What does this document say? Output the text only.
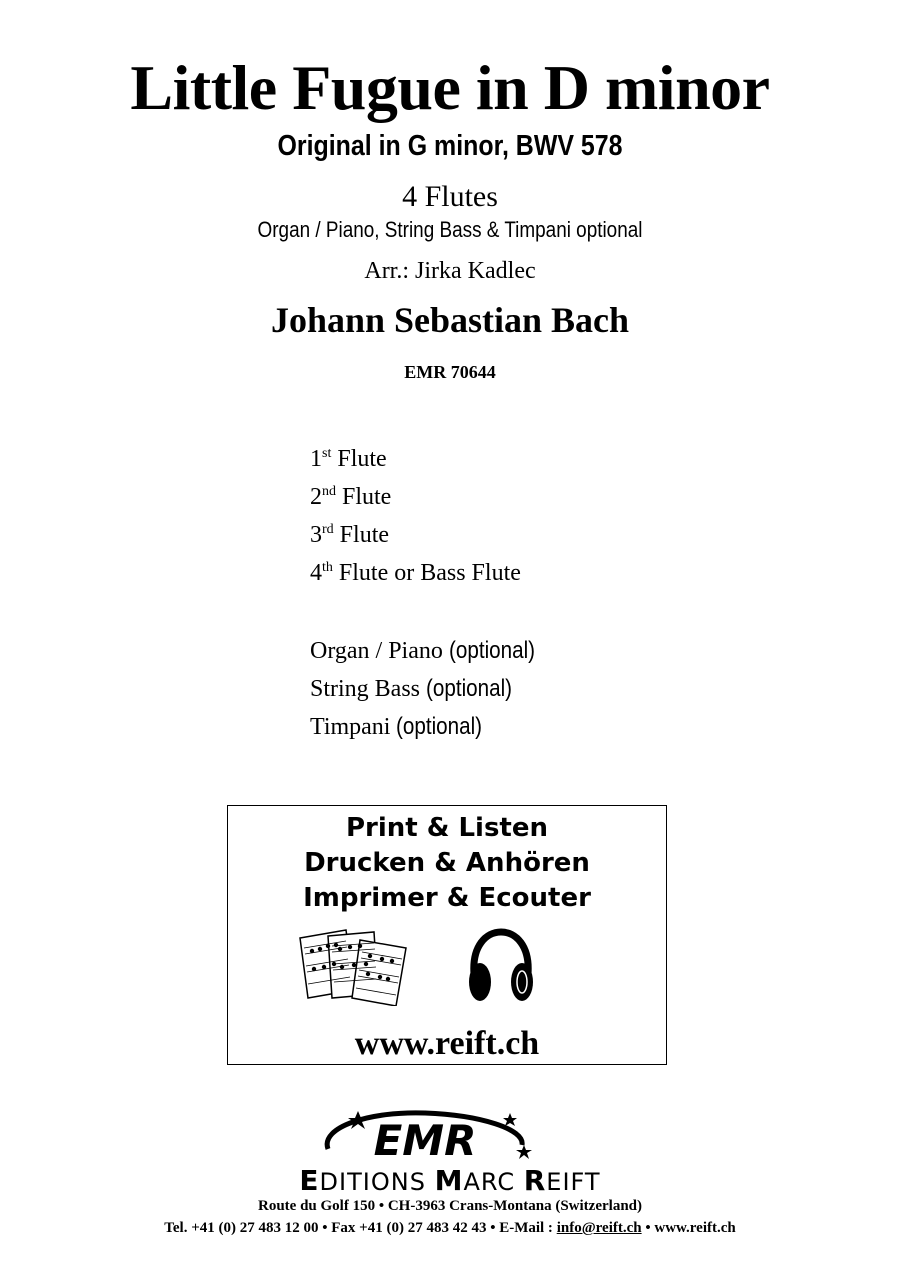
Little Fugue in D minor
Original in G minor, BWV 578
4 Flutes
Organ / Piano, String Bass & Timpani optional
Arr.: Jirka Kadlec
Johann Sebastian Bach
EMR 70644
1st Flute
2nd Flute
3rd Flute
4th Flute or Bass Flute
Organ / Piano (optional)
String Bass (optional)
Timpani (optional)
Print & Listen
Drucken & Anhören
Imprimer & Ecouter
www.reift.ch
EMR
EDITIONS MARC REIFT
Route du Golf 150 • CH-3963 Crans-Montana (Switzerland)
Tel. +41 (0) 27 483 12 00 • Fax +41 (0) 27 483 42 43 • E-Mail : info@reift.ch • www.reift.ch
